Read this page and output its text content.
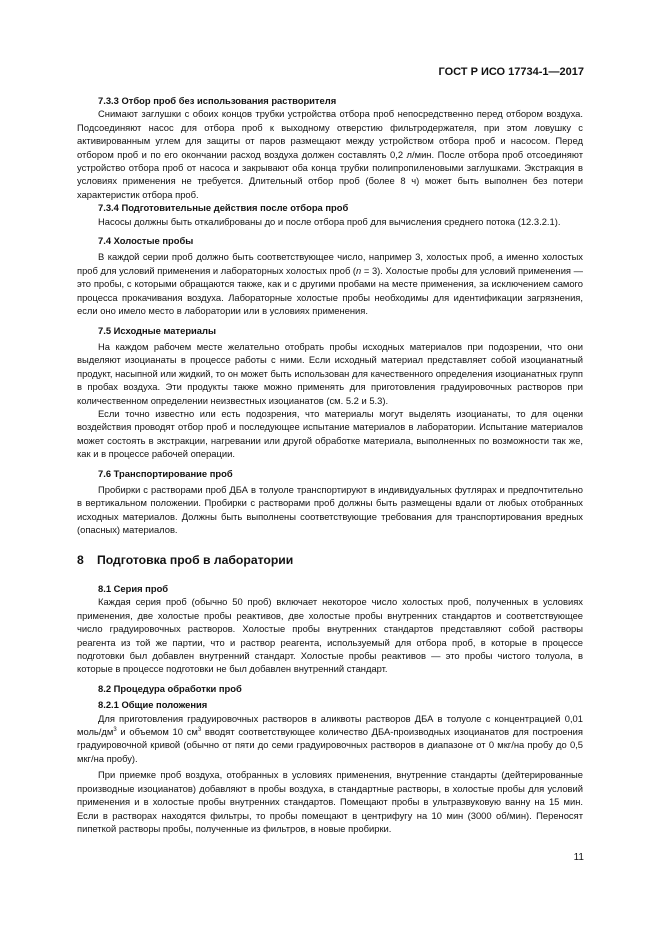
ГОСТ Р ИСО 17734-1—2017

7.3.3 Отбор проб без использования растворителя

Снимают заглушки с обоих концов трубки устройства отбора проб непосредственно перед отбором воздуха. Подсоединяют насос для отбора проб к выходному отверстию фильтродержателя, при этом ловушку с активированным углем для защиты от паров размещают между устройством отбора проб и насосом. Перед отбором проб и по его окончании расход воздуха должен составлять 0,2 л/мин. После отбора проб отсоединяют устройство отбора проб от насоса и закрывают оба конца трубки полипропиленовыми заглушками. Экстракция в условиях применения не требуется. Длительный отбор проб (более 8 ч) может быть выполнен без потери характеристик отбора проб.

7.3.4 Подготовительные действия после отбора проб

Насосы должны быть откалиброваны до и после отбора проб для вычисления среднего потока (12.3.2.1).

7.4 Холостые пробы

В каждой серии проб должно быть соответствующее число, например 3, холостых проб, а именно холостых проб для условий применения и лабораторных холостых проб (n = 3). Холостые пробы для условий применения — это пробы, с которыми обращаются также, как и с другими пробами на месте применения, за исключением самого процесса прокачивания воздуха. Лабораторные холостые пробы необходимы для идентификации загрязнения, если оно имело место в лаборатории или в условиях применения.

7.5 Исходные материалы

На каждом рабочем месте желательно отобрать пробы исходных материалов при подозрении, что они выделяют изоцианаты в процессе работы с ними. Если исходный материал представляет собой изоцианатный продукт, насыпной или жидкий, то он может быть использован для качественного определения изоцианатных групп в пробах воздуха. Эти продукты также можно применять для приготовления градуировочных растворов при количественном определении неизвестных изоцианатов (см. 5.2 и 5.3).

Если точно известно или есть подозрения, что материалы могут выделять изоцианаты, то для оценки воздействия проводят отбор проб и последующее испытание материалов в лаборатории. Испытание материалов может состоять в экстракции, нагревании или другой обработке материала, выполненных по возможности так же, как и в процессе рабочей операции.

7.6 Транспортирование проб

Пробирки с растворами проб ДБА в толуоле транспортируют в индивидуальных футлярах и предпочтительно в вертикальном положении. Пробирки с растворами проб должны быть размещены вдали от любых отобранных исходных материалов. Должны быть выполнены соответствующие требования для транспортирования вредных (опасных) материалов.

8 Подготовка проб в лаборатории

8.1 Серия проб

Каждая серия проб (обычно 50 проб) включает некоторое число холостых проб, полученных в условиях применения, две холостые пробы реактивов, две холостые пробы внутренних стандартов и соответствующее число градуировочных растворов. Холостые пробы внутренних стандартов представляют собой растворы реагента из той же партии, что и раствор реагента, используемый для отбора проб, в которые в процессе подготовки был добавлен внутренний стандарт. Холостые пробы реактивов — это пробы чистого толуола, в которые в процессе подготовки не был добавлен внутренний стандарт.

8.2 Процедура обработки проб

8.2.1 Общие положения

Для приготовления градуировочных растворов в аликвоты растворов ДБА в толуоле с концентрацией 0,01 моль/$дм^3$ и объемом 10 $см^3$ вводят соответствующее количество ДБА-производных изоцианатов для построения градуировочной кривой (обычно от пяти до семи градуировочных растворов в диапазоне от 0 мкг/на пробу до 0,5 мкг/на пробу).

При приемке проб воздуха, отобранных в условиях применения, внутренние стандарты (дейтерированные производные изоцианатов) добавляют в пробы воздуха, в стандартные растворы, в холостые пробы для условий применения и в холостые пробы внутренних стандартов. Помещают пробы в ультразвуковую ванну на 15 мин. Если в растворах находятся фильтры, то пробы помещают в центрифугу на 10 мин (3000 об/мин). Переносят пипеткой растворы пробы, полученные из фильтров, в новые пробирки.

11
